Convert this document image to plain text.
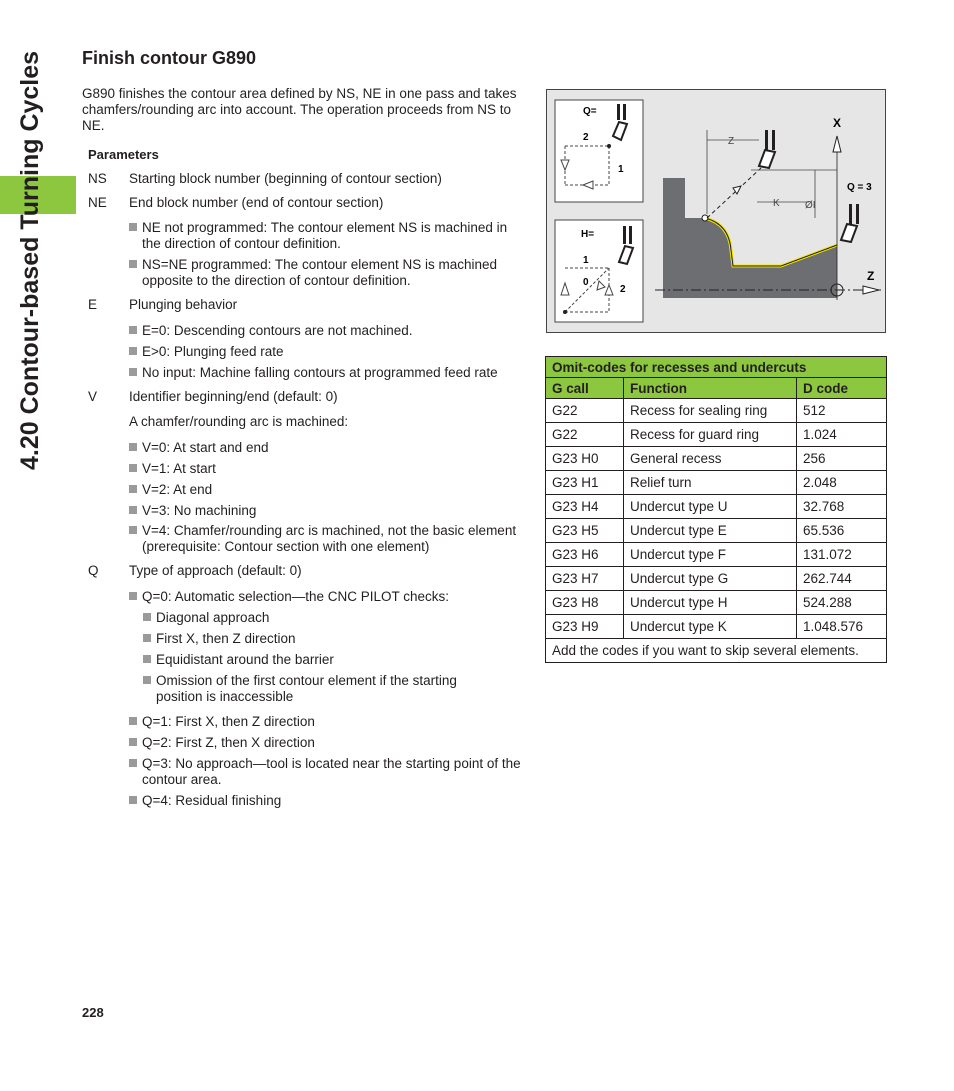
4.20 Contour-based Turning Cycles Finish contour G890

G890 finishes the contour area defined by NS, NE in one pass and takes chamfers/rounding arc into account. The operation proceeds from NS to NE.

Parameters
NS Starting block number (beginning of contour section)
NE End block number (end of contour section)
NE not programmed: The contour element NS is machined in the direction of contour definition.
NS=NE programmed: The contour element NS is machined opposite to the direction of contour definition.
E Plunging behavior
E=0: Descending contours are not machined.
E>0: Plunging feed rate
No input: Machine falling contours at programmed feed rate
V Identifier beginning/end (default: 0)
A chamfer/rounding arc is machined:
V=0: At start and end
V=1: At start
V=2: At end
V=3: No machining
V=4: Chamfer/rounding arc is machined, not the basic element (prerequisite: Contour section with one element)
Q Type of approach (default: 0)
Q=0: Automatic selection—the CNC PILOT checks:
Diagonal approach
First X, then Z direction
Equidistant around the barrier
Omission of the first contour element if the starting position is inaccessible
Q=1: First X, then Z direction
Q=2: First Z, then X direction
Q=3: No approach—tool is located near the starting point of the contour area.
Q=4: Residual finishing
Q=
2
1
H=
1
0
2
X
Z
Z
K	ØI
Q = 3
Omit-codes for recesses and undercuts		
G call	Function	D code
G22	Recess for sealing ring	512
G22	Recess for guard ring	1.024
G23 H0	General recess	256
G23 H1	Relief turn	2.048
G23 H4	Undercut type U	32.768
G23 H5	Undercut type E	65.536
G23 H6	Undercut type F	131.072
G23 H7	Undercut type G	262.744
G23 H8	Undercut type H	524.288
G23 H9	Undercut type K	1.048.576
Add the codes if you want to skip several elements.		
228
